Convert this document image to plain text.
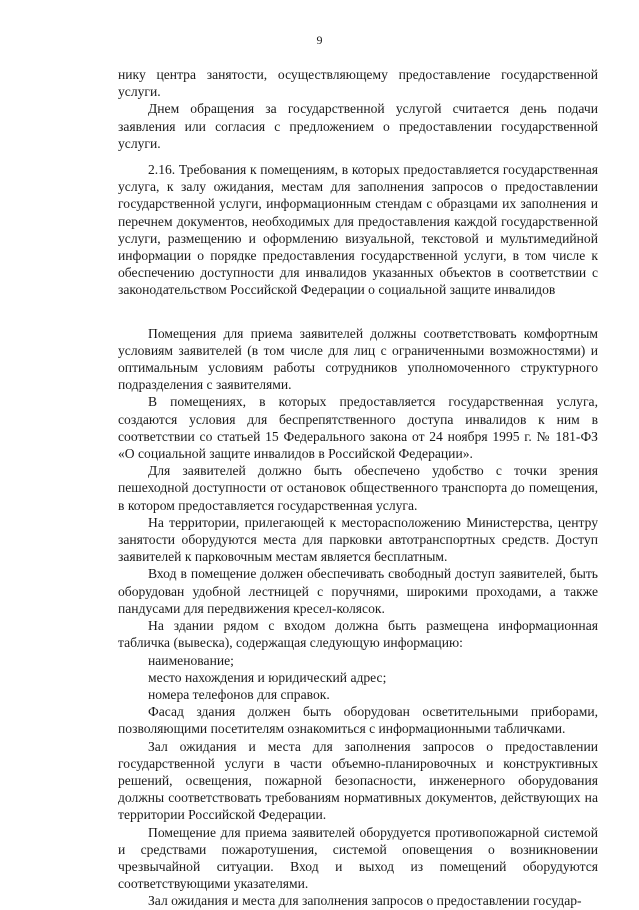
9

нику центра занятости, осуществляющему предоставление государственной услуги.

Днем обращения за государственной услугой считается день подачи заявления или согласия с предложением о предоставлении государственной услуги.

2.16. Требования к помещениям, в которых предоставляется государственная услуга, к залу ожидания, местам для заполнения запросов о предоставлении государственной услуги, информационным стендам с образцами их заполнения и перечнем документов, необходимых для предоставления каждой государственной услуги, размещению и оформлению визуальной, текстовой и мультимедийной информации о порядке предоставления государственной услуги, в том числе к обеспечению доступности для инвалидов указанных объектов в соответствии с законодательством Российской Федерации о социальной защите инвалидов

Помещения для приема заявителей должны соответствовать комфортным условиям заявителей (в том числе для лиц с ограниченными возможностями) и оптимальным условиям работы сотрудников уполномоченного структурного подразделения с заявителями.

В помещениях, в которых предоставляется государственная услуга, создаются условия для беспрепятственного доступа инвалидов к ним в соответствии со статьей 15 Федерального закона от 24 ноября 1995 г. № 181-ФЗ «О социальной защите инвалидов в Российской Федерации».

Для заявителей должно быть обеспечено удобство с точки зрения пешеходной доступности от остановок общественного транспорта до помещения, в котором предоставляется государственная услуга.

На территории, прилегающей к месторасположению Министерства, центру занятости оборудуются места для парковки автотранспортных средств. Доступ заявителей к парковочным местам является бесплатным.

Вход в помещение должен обеспечивать свободный доступ заявителей, быть оборудован удобной лестницей с поручнями, широкими проходами, а также пандусами для передвижения кресел-колясок.

На здании рядом с входом должна быть размещена информационная табличка (вывеска), содержащая следующую информацию:

наименование;

место нахождения и юридический адрес;

номера телефонов для справок.

Фасад здания должен быть оборудован осветительными приборами, позволяющими посетителям ознакомиться с информационными табличками.

Зал ожидания и места для заполнения запросов о предоставлении государственной услуги в части объемно-планировочных и конструктивных решений, освещения, пожарной безопасности, инженерного оборудования должны соответствовать требованиям нормативных документов, действующих на территории Российской Федерации.

Помещение для приема заявителей оборудуется противопожарной системой и средствами пожаротушения, системой оповещения о возникновении чрезвычайной ситуации. Вход и выход из помещений оборудуются соответствующими указателями.

Зал ожидания и места для заполнения запросов о предоставлении государ-
